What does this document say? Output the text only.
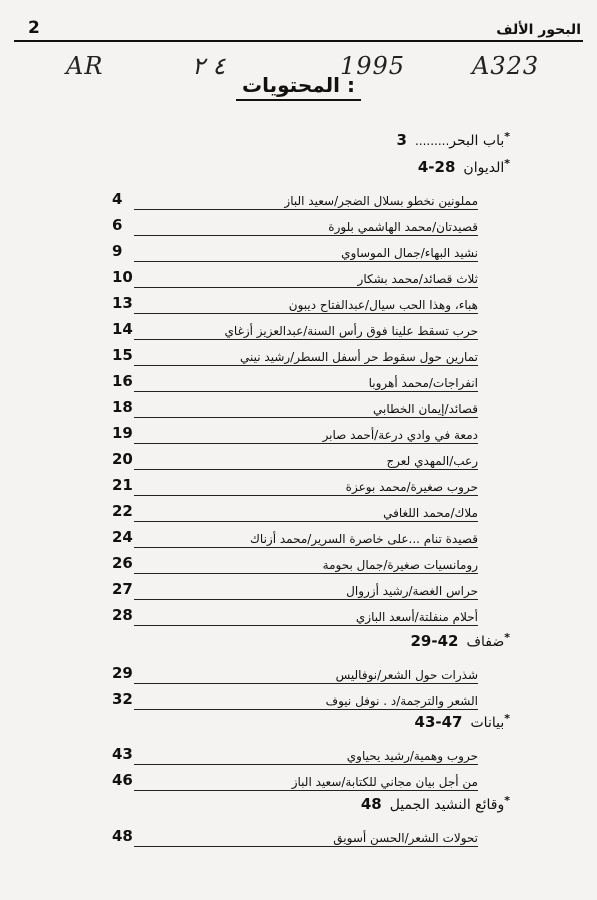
2	البحور الألف
AR	٤ ٢	1995	A323
المحتويات :
*باب البحر.........3
*الديوان4-28
4	مملونين نخطو بسلال الضجر/سعيد الباز
6	قصيدتان/محمد الهاشمي بلورة
9	نشيد البهاء/جمال الموساوي
10	ثلاث قصائد/محمد بشكار
13	هباء، وهذا الحب سيال/عبدالفتاح ديبون
14	حرب تسقط علينا فوق رأس السنة/عبدالعزيز أزغاي
15	تمارين حول سقوط حر أسفل السطر/رشيد نيني
16	انفراجات/محمد أهروبا
18	قصائد/إيمان الخطابي
19	دمعة في وادي درعة/أحمد صابر
20	رعب/المهدي لعرج
21	حروب صغيرة/محمد بوعزة
22	ملاك/محمد اللغافي
24	قصيدة تنام ...على خاصرة السرير/محمد أزناك
26	رومانسيات صغيرة/جمال بحومة
27	حراس الغصة/رشيد أزروال
28	أحلام منفلتة/أسعد البازي
*ضفاف29-42
29	شذرات حول الشعر/نوفاليس
32	الشعر والترجمة/د . نوفل نيوف
*بيانات43-47
43	حروب وهمية/رشيد يحياوي
46	من أجل بيان مجاني للكتابة/سعيد الباز
*وقائع النشيد الجميل48
48	تحولات الشعر/الحسن أسويق
